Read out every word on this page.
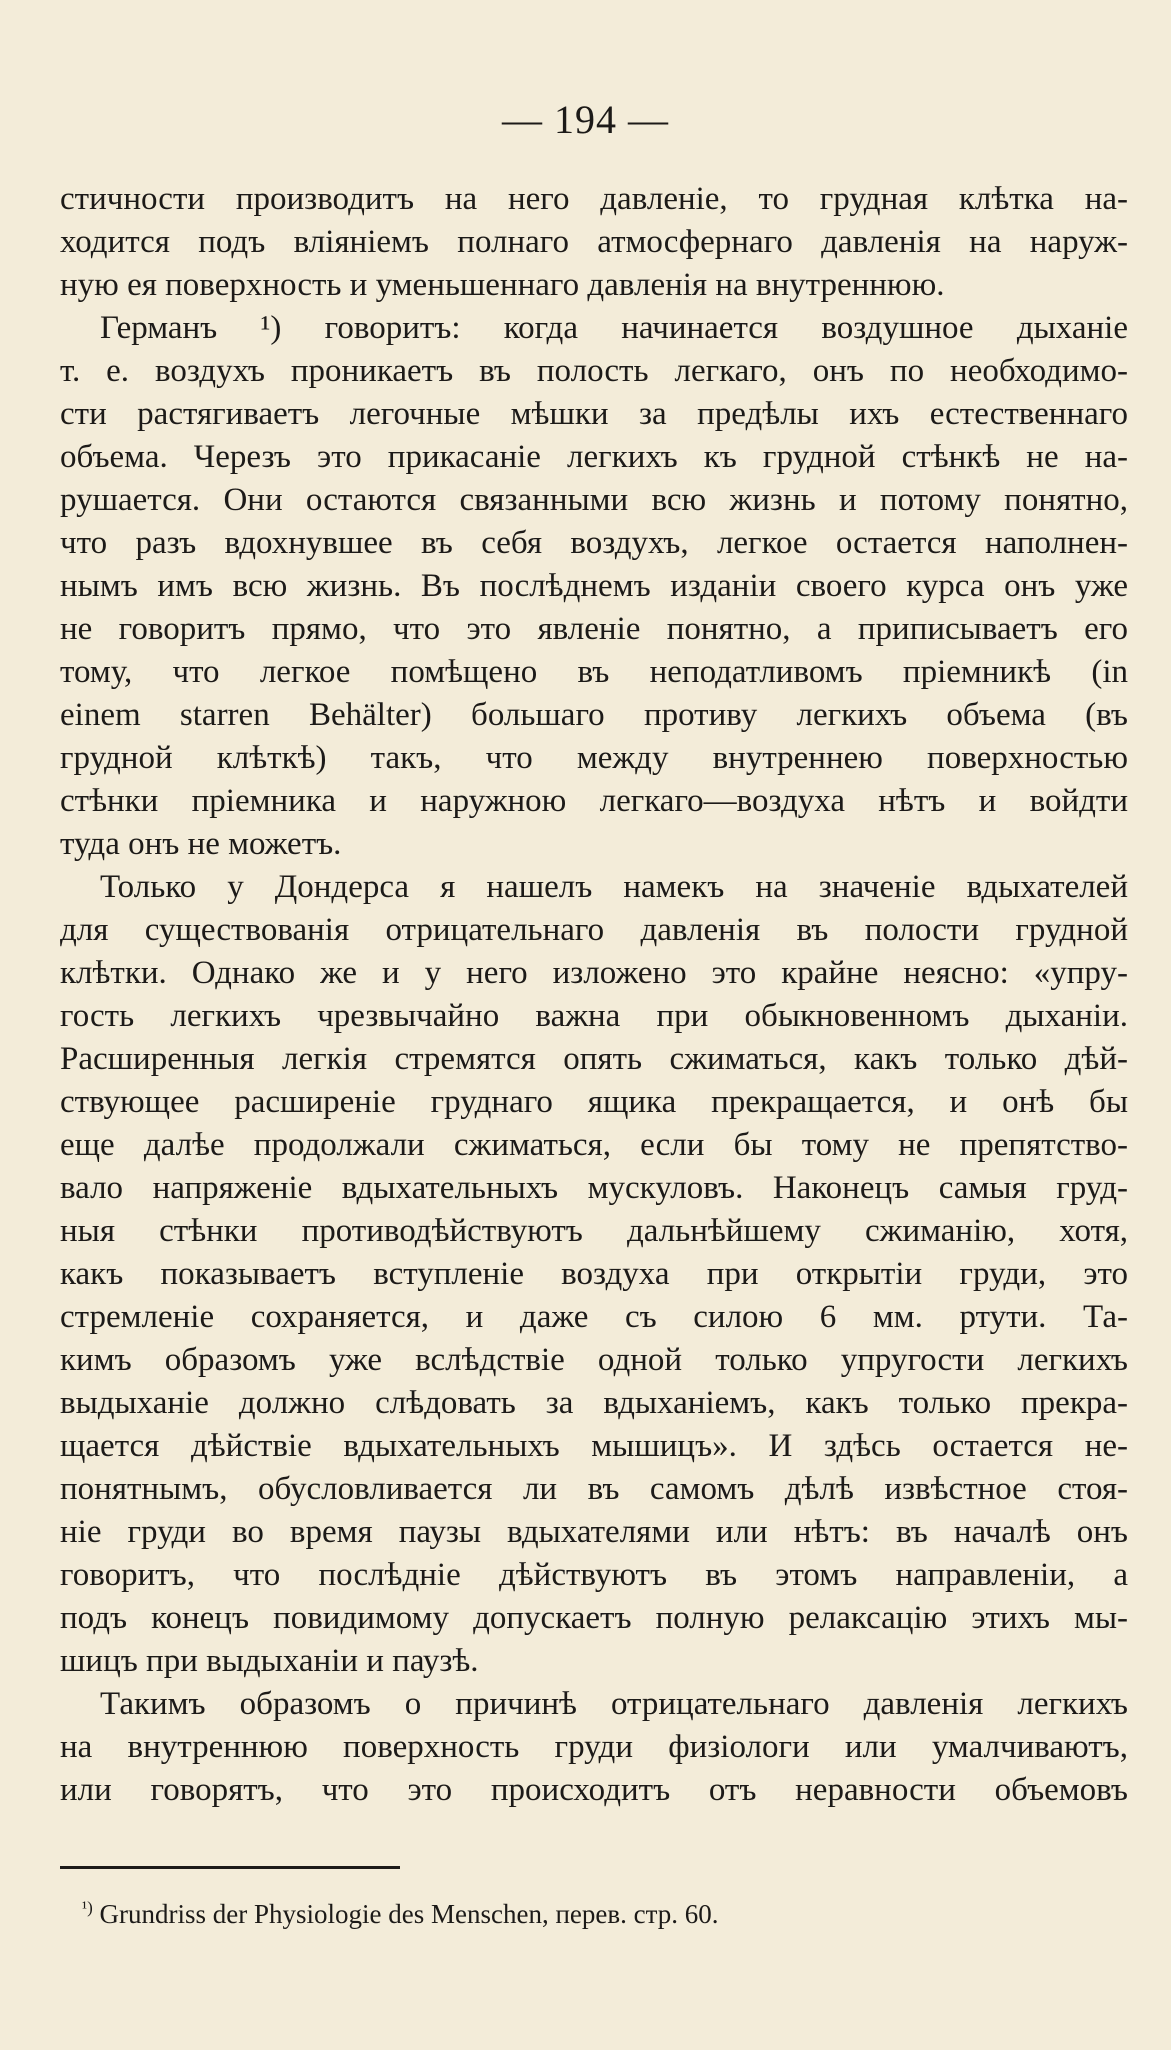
— 194 —
стичности производитъ на него давленіе, то грудная клѣтка на-
ходится подъ вліяніемъ полнаго атмосфернаго давленія на наруж-
ную ея поверхность и уменьшеннаго давленія на внутреннюю.
Германъ ¹) говоритъ: когда начинается воздушное дыханіе
т. е. воздухъ проникаетъ въ полость легкаго, онъ по необходимо-
сти растягиваетъ легочные мѣшки за предѣлы ихъ естественнаго
объема. Черезъ это прикасаніе легкихъ къ грудной стѣнкѣ не на-
рушается. Они остаются связанными всю жизнь и потому понятно,
что разъ вдохнувшее въ себя воздухъ, легкое остается наполнен-
нымъ имъ всю жизнь. Въ послѣднемъ изданіи своего курса онъ уже
не говоритъ прямо, что это явленіе понятно, а приписываетъ его
тому, что легкое помѣщено въ неподатливомъ пріемникѣ (in
einem starren Behälter) большаго противу легкихъ объема (въ
грудной клѣткѣ) такъ, что между внутреннею поверхностью
стѣнки пріемника и наружною легкаго—воздуха нѣтъ и войдти
туда онъ не можетъ.
Только у Дондерса я нашелъ намекъ на значеніе вдыхателей
для существованія отрицательнаго давленія въ полости грудной
клѣтки. Однако же и у него изложено это крайне неясно: «упру-
гость легкихъ чрезвычайно важна при обыкновенномъ дыханіи.
Расширенныя легкія стремятся опять сжиматься, какъ только дѣй-
ствующее расширеніе груднаго ящика прекращается, и онѣ бы
еще далѣе продолжали сжиматься, если бы тому не препятство-
вало напряженіе вдыхательныхъ мускуловъ. Наконецъ самыя груд-
ныя стѣнки противодѣйствуютъ дальнѣйшему сжиманію, хотя,
какъ показываетъ вступленіе воздуха при открытіи груди, это
стремленіе сохраняется, и даже съ силою 6 мм. ртути. Та-
кимъ образомъ уже вслѣдствіе одной только упругости легкихъ
выдыханіе должно слѣдовать за вдыханіемъ, какъ только прекра-
щается дѣйствіе вдыхательныхъ мышицъ». И здѣсь остается не-
понятнымъ, обусловливается ли въ самомъ дѣлѣ извѣстное стоя-
ніе груди во время паузы вдыхателями или нѣтъ: въ началѣ онъ
говоритъ, что послѣдніе дѣйствуютъ въ этомъ направленіи, а
подъ конецъ повидимому допускаетъ полную релаксацію этихъ мы-
шицъ при выдыханіи и паузѣ.
Такимъ образомъ о причинѣ отрицательнаго давленія легкихъ
на внутреннюю поверхность груди физіологи или умалчиваютъ,
или говорятъ, что это происходитъ отъ неравности объемовъ
$^{^1)}$ Grundriss der Physiologie des Menschen, перев. стр. 60.
